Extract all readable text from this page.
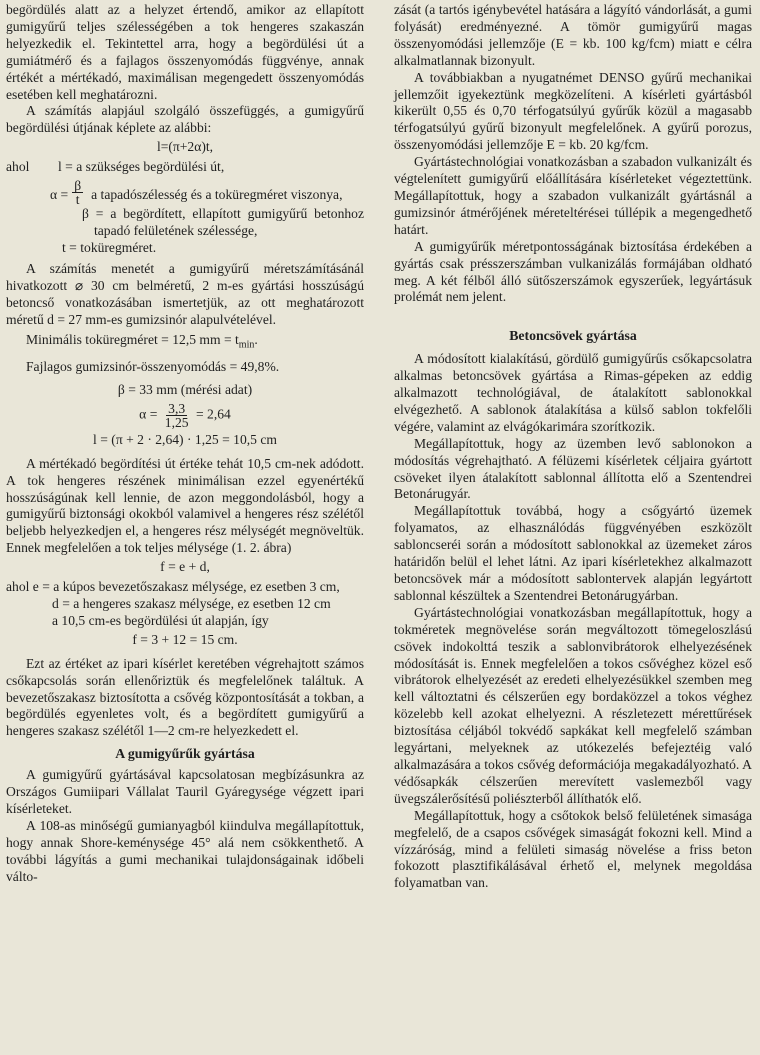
begördülés alatt az a helyzet értendő, amikor az ellapított gumigyűrű teljes szélességében a tok hengeres szakaszán helyezkedik el. Tekintettel arra, hogy a begördülési út a gumiátmérő és a fajlagos összenyomódás függvénye, annak értékét a mértékadó, maximálisan megengedett összenyomódás esetében kell meghatározni.

A számítás alapjául szolgáló összefüggés, a gumigyűrű begördülési útjának képlete az alábbi:

l=(π+2α)t,
ahol	l = a szükséges begördülési út,
$\alpha = \frac{\beta}{t}$ a tapadószélesség és a toküregméret viszonya,

β = a begördített, ellapított gumigyűrű betonhoz tapadó felületének szélessége,

t = toküregméret.

A számítás menetét a gumigyűrű méretszámításánál hivatkozott ⌀ 30 cm belméretű, 2 m-es gyártási hosszúságú betoncső vonatkozásában ismertetjük, az ott meghatározott méretű d = 27 mm-es gumizsinór alapulvételével.

Minimális toküregméret = 12,5 mm = $t_{min}$.

Fajlagos gumizsinór-összenyomódás = 49,8%.

β = 33 mm (mérési adat)
$\alpha = \frac{3,3}{1,25} = 2,64$
l = (π + 2 · 2,64) · 1,25 = 10,5 cm

A mértékadó begördítési út értéke tehát 10,5 cm-nek adódott. A tok hengeres részének minimálisan ezzel egyenértékű hosszúságúnak kell lennie, de azon meggondolásból, hogy a gumigyűrű biztonsági okokból valamivel a hengeres rész szélétől beljebb helyezkedjen el, a hengeres rész mélységét megnöveltük. Ennek megfelelően a tok teljes mélysége (1. 2. ábra)

f = e + d,

ahol e = a kúpos bevezetőszakasz mélysége, ez esetben 3 cm,

d = a hengeres szakasz mélysége, ez esetben 12 cm

a 10,5 cm-es begördülési út alapján, így

f = 3 + 12 = 15 cm.

Ezt az értéket az ipari kísérlet keretében végrehajtott számos csőkapcsolás során ellenőriztük és megfelelőnek találtuk. A bevezetőszakasz biztosította a csővég központosítását a tokban, a begördülés egyenletes volt, és a begördített gumigyűrű a hengeres szakasz szélétől 1—2 cm-re helyezkedett el.

A gumigyűrűk gyártása

A gumigyűrű gyártásával kapcsolatosan megbízásunkra az Országos Gumiipari Vállalat Tauril Gyáregysége végzett ipari kísérleteket.

A 108-as minőségű gumianyagból kiindulva megállapítottuk, hogy annak Shore-keménysége 45° alá nem csökkenthető. A további lágyítás a gumi mechanikai tulajdonságainak időbeli válto-

zását (a tartós igénybevétel hatására a lágyító vándorlását, a gumi folyását) eredményezné. A tömör gumigyűrű magas összenyomódási jellemzője (E = kb. 100 kg/fcm) miatt e célra alkalmatlannak bizonyult.

A továbbiakban a nyugatnémet DENSO gyűrű mechanikai jellemzőit igyekeztünk megközelíteni. A kísérleti gyártásból kikerült 0,55 és 0,70 térfogatsúlyú gyűrűk közül a magasabb térfogatsúlyú gyűrű bizonyult megfelelőnek. A gyűrű porozus, összenyomódási jellemzője E = kb. 20 kg/fcm.

Gyártástechnológiai vonatkozásban a szabadon vulkanizált és végtelenített gumigyűrű előállítására kísérleteket végeztettünk. Megállapítottuk, hogy a szabadon vulkanizált gyártásnál a gumizsinór átmérőjének méreteltérései túllépik a megengedhető határt.

A gumigyűrűk méretpontosságának biztosítása érdekében a gyártás csak présszerszámban vulkanizálás formájában oldható meg. A két félből álló sütőszerszámok egyszerűek, legyártásuk prolémát nem jelent.

Betoncsövek gyártása

A módosított kialakítású, gördülő gumigyűrűs csőkapcsolatra alkalmas betoncsövek gyártása a Rimas-gépeken az eddig alkalmazott technológiával, de átalakított sablonokkal elvégezhető. A sablonok átalakítása a külső sablon tokfelőli végére, valamint az elvágókarimára szorítkozik.

Megállapítottuk, hogy az üzemben levő sablonokon a módosítás végrehajtható. A félüzemi kísérletek céljaira gyártott csöveket ilyen átalakított sablonnal állította elő a Szentendrei Betonárugyár.

Megállapítottuk továbbá, hogy a csőgyártó üzemek folyamatos, az elhasználódás függvényében eszközölt sabloncseréi során a módosított sablonokkal az üzemeket záros határidőn belül el lehet látni. Az ipari kísérletekhez alkalmazott betoncsövek már a módosított sablontervek alapján legyártott sablonnal készültek a Szentendrei Betonárugyárban.

Gyártástechnológiai vonatkozásban megállapítottuk, hogy a tokméretek megnövelése során megváltozott tömegeloszlású csövek indokolttá teszik a sablonvibrátorok elhelyezésének módosítását is. Ennek megfelelően a tokos csővéghez közel eső vibrátorok elhelyezését az eredeti elhelyezésükkel szemben meg kell változtatni és célszerűen egy bordaközzel a tokos véghez közelebb kell azokat elhelyezni. A részletezett mérettűrések biztosítása céljából tokvédő sapkákat kell megfelelő számban legyártani, melyeknek az utókezelés befejeztéig való alkalmazására a tokos csővég deformációja megakadályozható. A védősapkák célszerűen merevített vaslemezből vagy üvegszálerősítésű poliészterből állíthatók elő.

Megállapítottuk, hogy a csőtokok belső felületének simasága megfelelő, de a csapos csővégek simaságát fokozni kell. Mind a vízzáróság, mind a felületi simaság növelése a friss beton fokozott plasztifikálásával érhető el, melynek megoldása folyamatban van.
